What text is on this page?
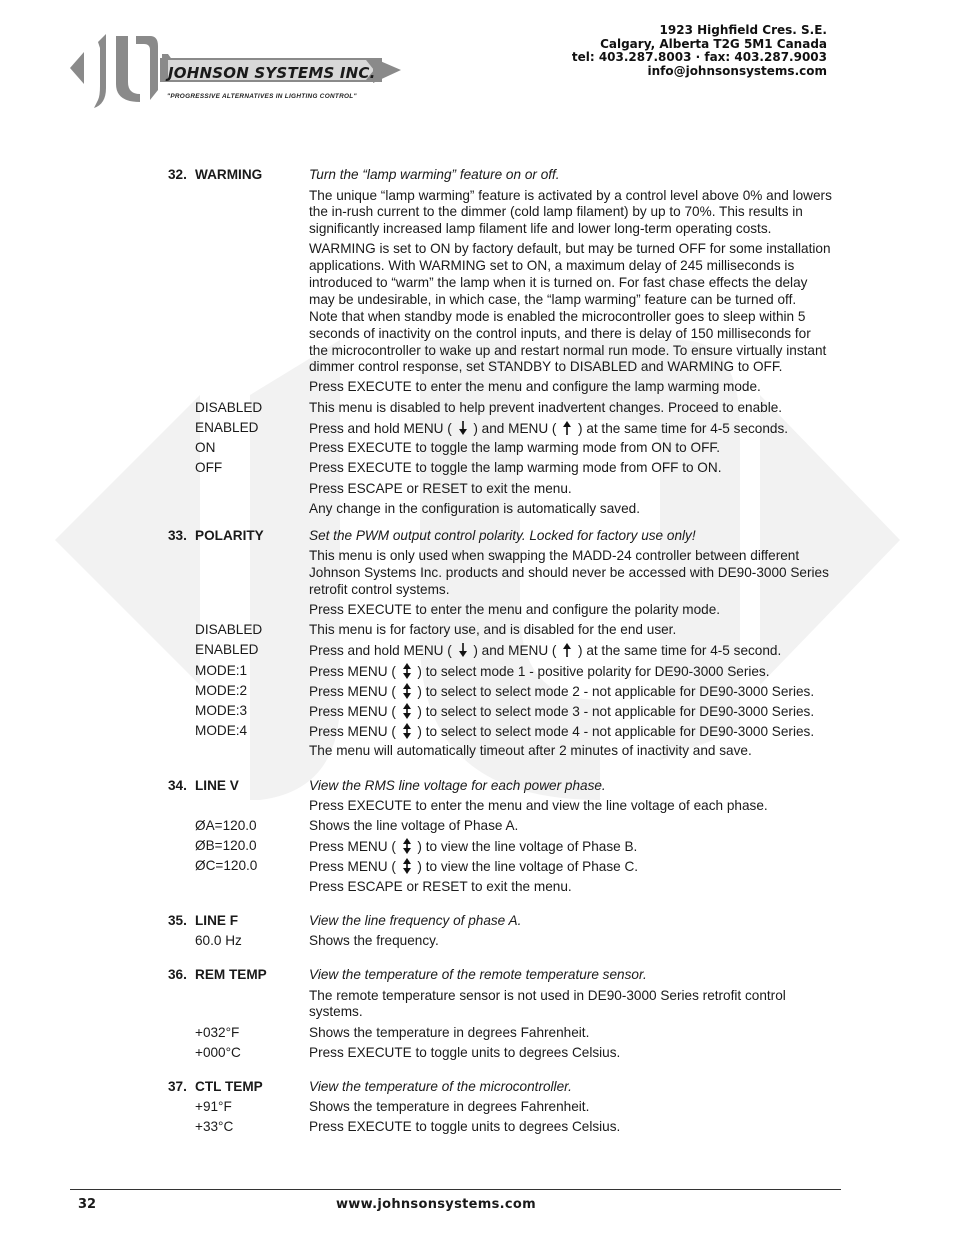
JOHNSON SYSTEMS INC.
"PROGRESSIVE ALTERNATIVES IN LIGHTING CONTROL"
1923 Highfield Cres. S.E.
Calgary, Alberta T2G 5M1 Canada
tel: 403.287.8003 · fax: 403.287.9003
info@johnsonsystems.com
32. WARMING	Turn the “lamp warming” feature on or off.
The unique “lamp warming” feature is activated by a control level above 0% and lowers
the in-rush current to the dimmer (cold lamp filament) by up to 70%. This results in
significantly increased lamp filament life and lower long-term operating costs.
WARMING is set to ON by factory default, but may be turned OFF for some installation
applications. With WARMING set to ON, a maximum delay of 245 milliseconds is
introduced to “warm” the lamp when it is turned on. For fast chase effects the delay
may be undesirable, in which case, the “lamp warming” feature can be turned off.
Note that when standby mode is enabled the microcontroller goes to sleep within 5
seconds of inactivity on the control inputs, and there is delay of 150 milliseconds for
the microcontroller to wake up and restart normal run mode. To ensure virtually instant
dimmer control response, set STANDBY to DISABLED and WARMING to OFF.
Press EXECUTE to enter the menu and configure the lamp warming mode.
DISABLED	This menu is disabled to help prevent inadvertent changes. Proceed to enable.
ENABLED	Press and hold MENU (  ) and MENU (  ) at the same time for 4-5 seconds.
ON	Press EXECUTE to toggle the lamp warming mode from ON to OFF.
OFF	Press EXECUTE to toggle the lamp warming mode from OFF to ON.
Press ESCAPE or RESET to exit the menu.
Any change in the configuration is automatically saved.
33. POLARITY	Set the PWM output control polarity. Locked for factory use only!
This menu is only used when swapping the MADD-24 controller between different
Johnson Systems Inc. products and should never be accessed with DE90-3000 Series
retrofit control systems.
Press EXECUTE to enter the menu and configure the polarity mode.
DISABLED	This menu is for factory use, and is disabled for the end user.
ENABLED	Press and hold MENU (  ) and MENU (  ) at the same time for 4-5 second.
MODE:1	Press MENU (  ) to select mode 1 - positive polarity for DE90-3000 Series.
MODE:2	Press MENU (  ) to select to select mode 2 - not applicable for DE90-3000 Series.
MODE:3	Press MENU (  ) to select to select mode 3 - not applicable for DE90-3000 Series.
MODE:4	Press MENU (  ) to select to select mode 4 - not applicable for DE90-3000 Series.
The menu will automatically timeout after 2 minutes of inactivity and save.
34. LINE V	View the RMS line voltage for each power phase.
Press EXECUTE to enter the menu and view the line voltage of each phase.
ØA=120.0	Shows the line voltage of Phase A.
ØB=120.0	Press MENU (  ) to view the line voltage of Phase B.
ØC=120.0	Press MENU (  ) to view the line voltage of Phase C.
Press ESCAPE or RESET to exit the menu.
35. LINE F	View the line frequency of phase A.
60.0 Hz	Shows the frequency.
36. REM TEMP	View the temperature of the remote temperature sensor.
The remote temperature sensor is not used in DE90-3000 Series retrofit control
systems.
+032°F	Shows the temperature in degrees Fahrenheit.
+000°C	Press EXECUTE to toggle units to degrees Celsius.
37. CTL TEMP	View the temperature of the microcontroller.
+91°F	Shows the temperature in degrees Fahrenheit.
+33°C	Press EXECUTE to toggle units to degrees Celsius.
32	www.johnsonsystems.com
